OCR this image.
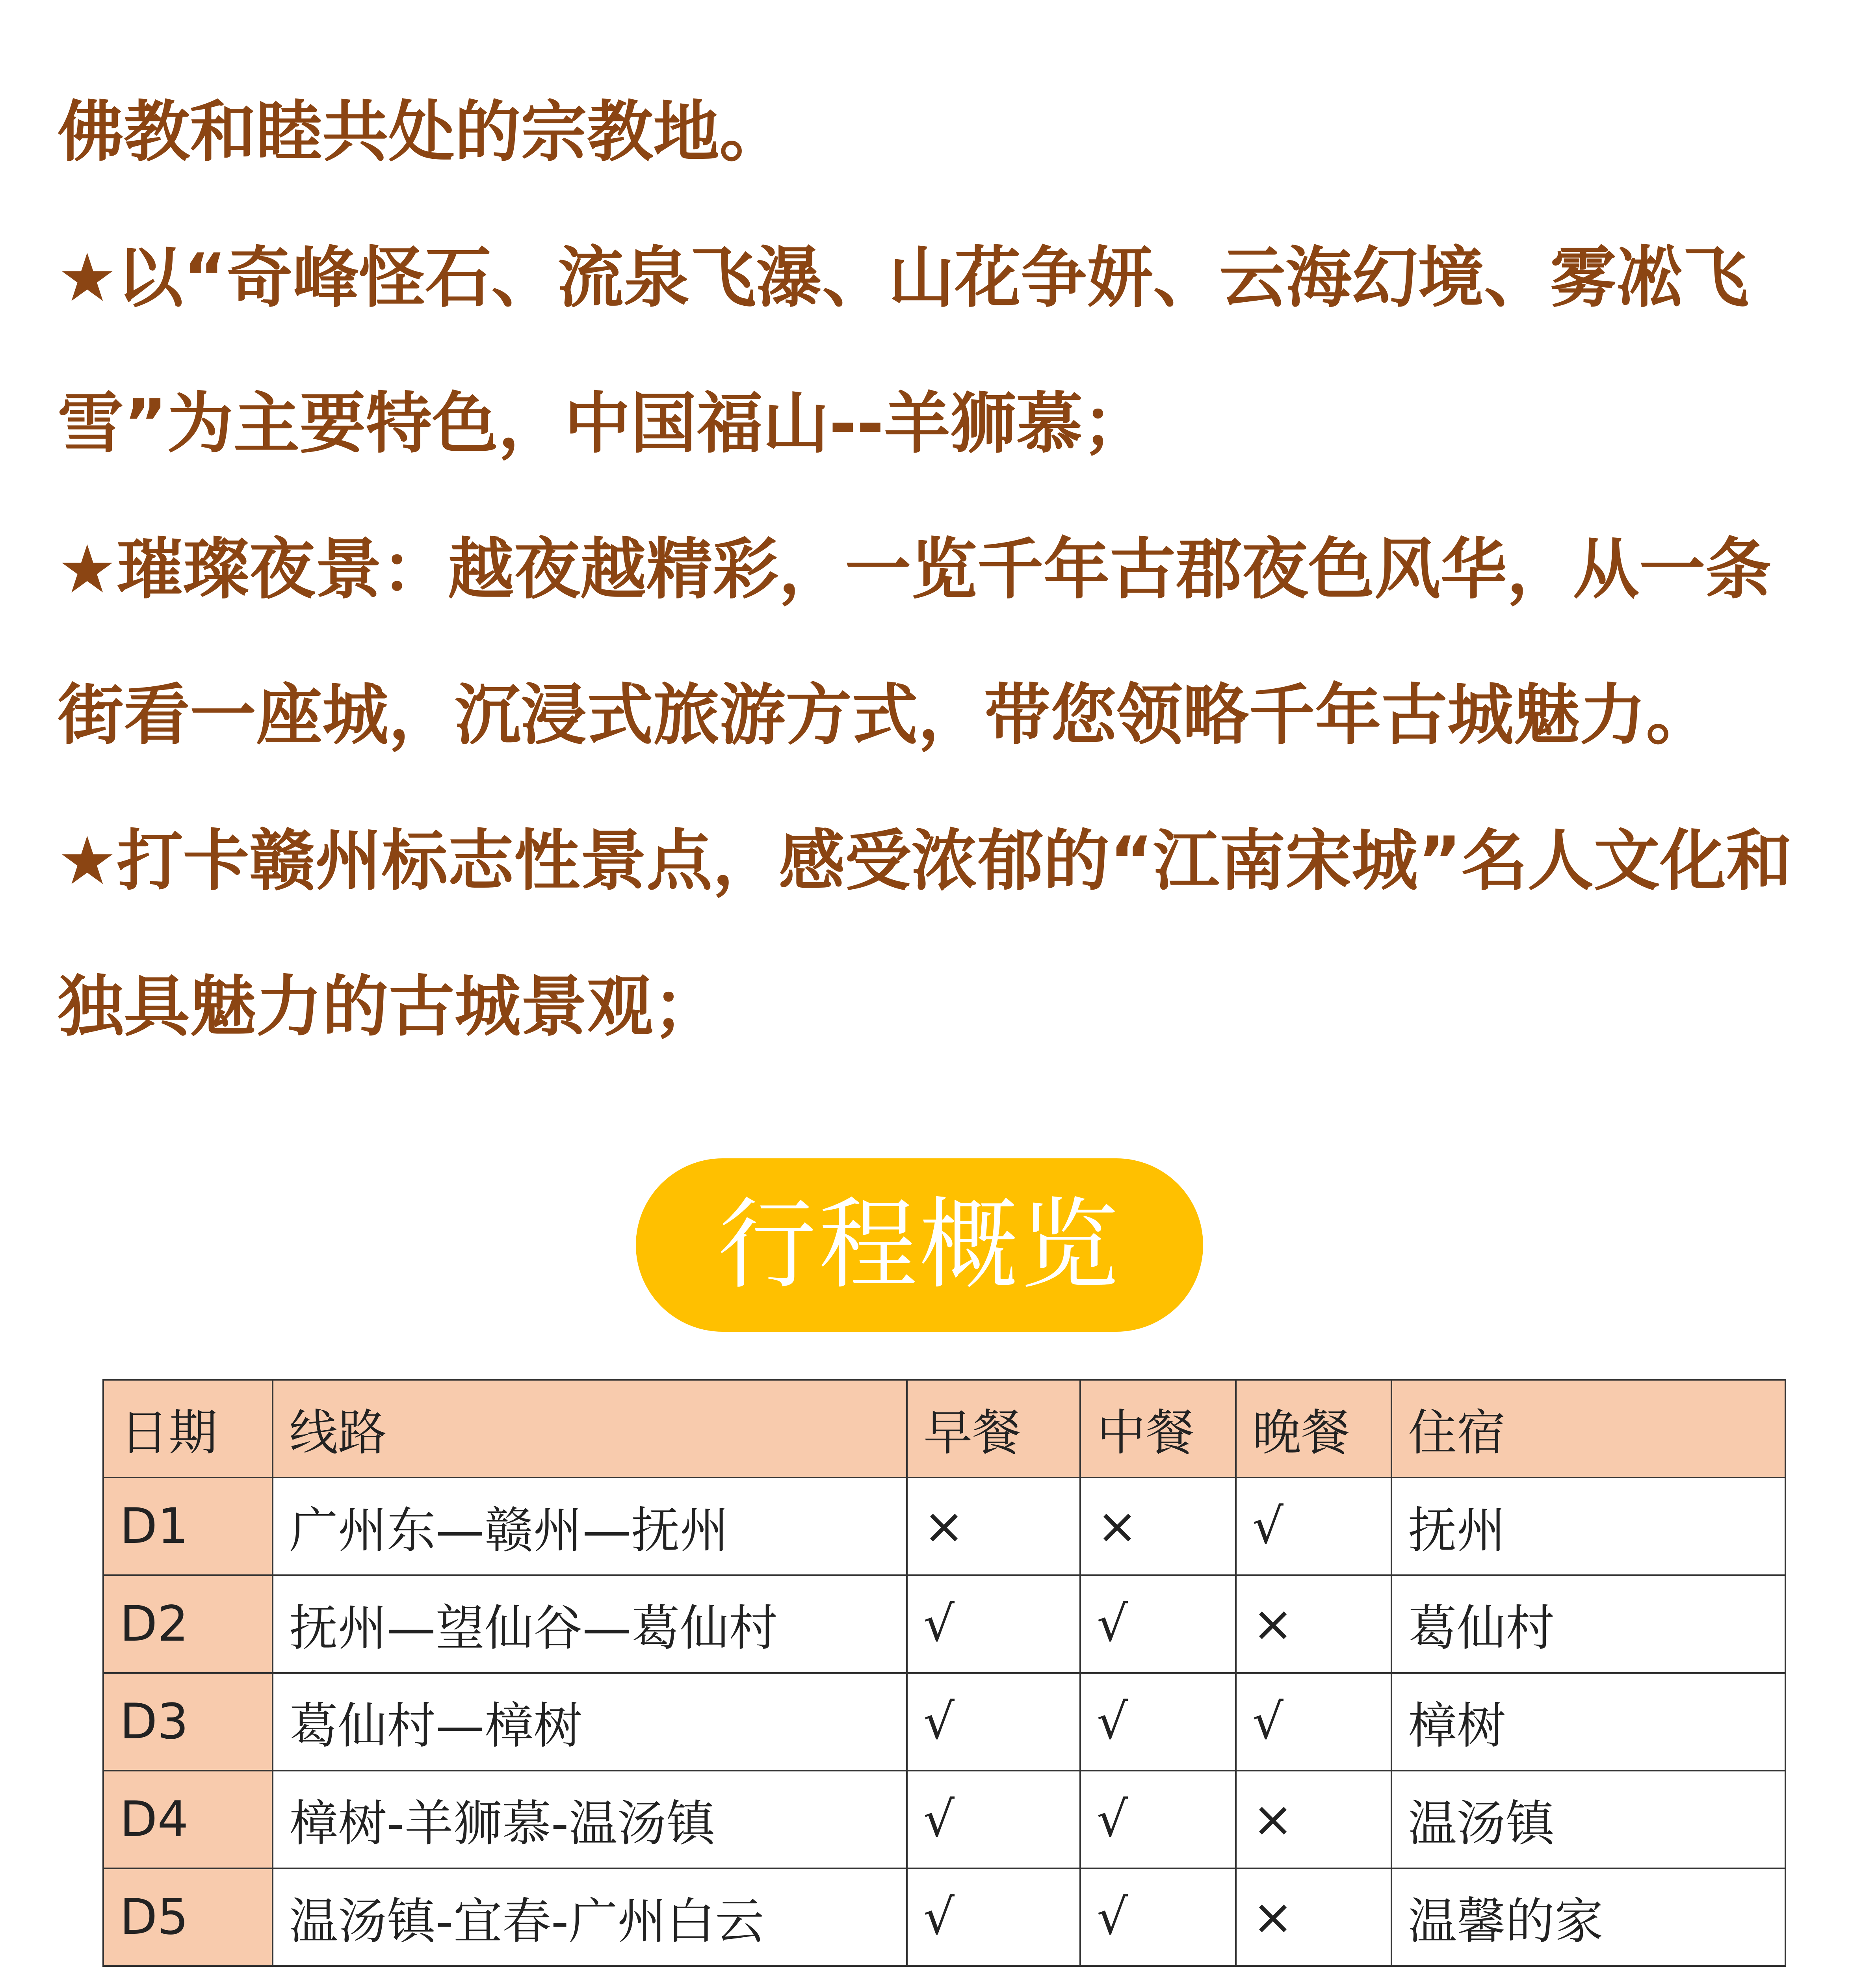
佛教和睦共处的宗教地。

★以“奇峰怪石、流泉飞瀑、山花争妍、云海幻境、雾凇飞雪”为主要特色，中国福山--羊狮慕；

★璀璨夜景：越夜越精彩，一览千年古郡夜色风华，从一条街看一座城，沉浸式旅游方式，带您领略千年古城魅力。

★打卡赣州标志性景点，感受浓郁的“江南宋城”名人文化和独具魅力的古城景观；

行程概览
日期	线路	早餐	中餐	晚餐	住宿
D1	广州东—赣州—抚州	×	×	√	抚州
D2	抚州—望仙谷—葛仙村	√	√	×	葛仙村
D3	葛仙村—樟树	√	√	√	樟树
D4	樟树-羊狮慕-温汤镇	√	√	×	温汤镇
D5	温汤镇-宜春-广州白云	√	√	×	温馨的家
